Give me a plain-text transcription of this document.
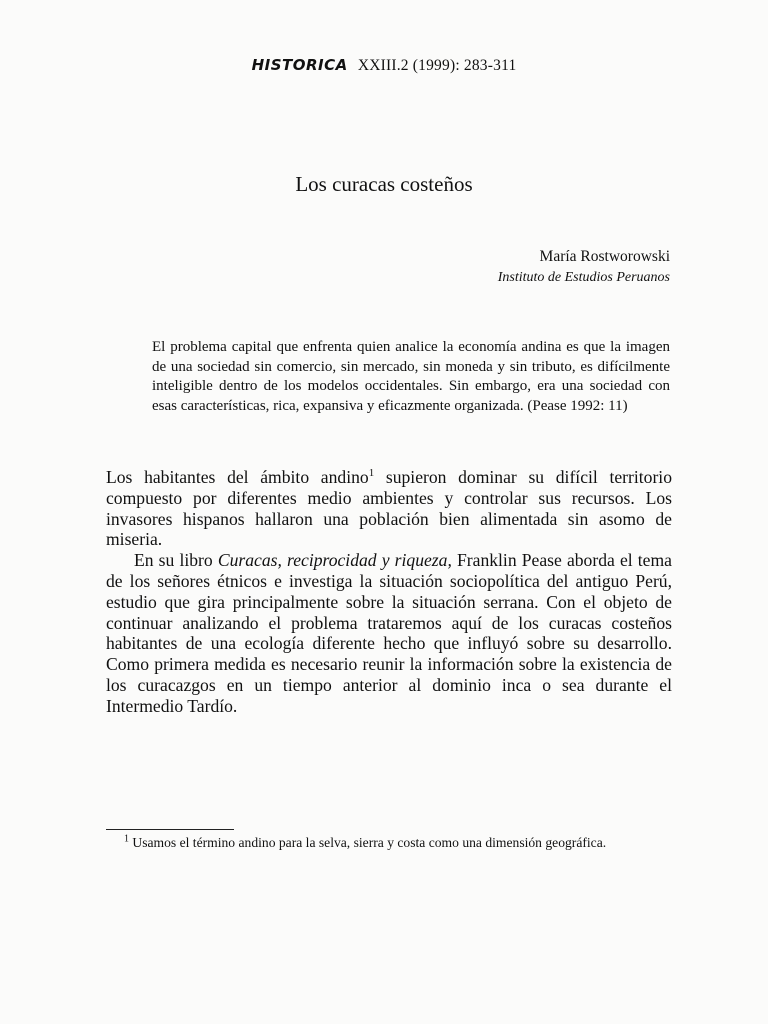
HISTORICA XXIII.2 (1999): 283-311
Los curacas costeños
María Rostworowski
Instituto de Estudios Peruanos
El problema capital que enfrenta quien analice la economía andina es que la imagen de una sociedad sin comercio, sin mercado, sin moneda y sin tributo, es difícilmente inteligible dentro de los modelos occidentales. Sin embargo, era una sociedad con esas características, rica, expansiva y eficazmente organizada. (Pease 1992: 11)

Los habitantes del ámbito andino$^1$ supieron dominar su difícil territorio compuesto por diferentes medio ambientes y controlar sus recursos. Los invasores hispanos hallaron una población bien alimentada sin asomo de miseria.

En su libro Curacas, reciprocidad y riqueza, Franklin Pease aborda el tema de los señores étnicos e investiga la situación sociopolítica del antiguo Perú, estudio que gira principalmente sobre la situación serrana. Con el objeto de continuar analizando el problema trataremos aquí de los curacas costeños habitantes de una ecología diferente hecho que influyó sobre su desarrollo. Como primera medida es necesario reunir la información sobre la existencia de los curacazgos en un tiempo anterior al dominio inca o sea durante el Intermedio Tardío.

$^1$ Usamos el término andino para la selva, sierra y costa como una dimensión geográfica.
